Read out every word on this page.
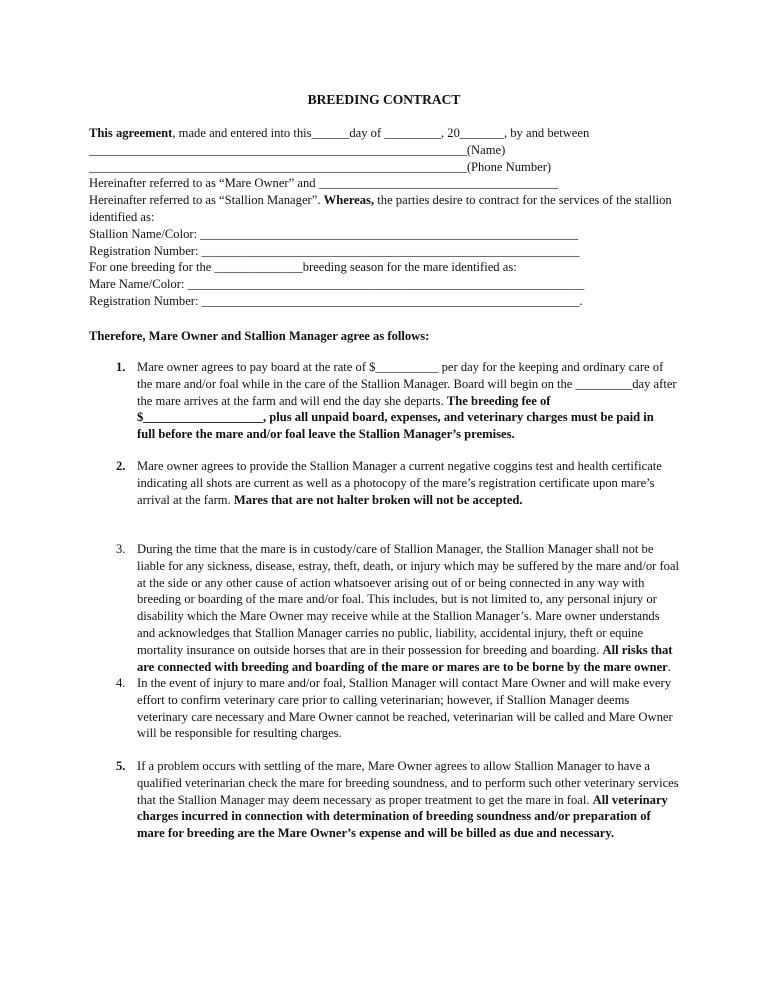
BREEDING CONTRACT
This agreement, made and entered into this______day of _________, 20_______, by and between
____________________________________________________________(Name)
____________________________________________________________(Phone Number)
Hereinafter referred to as “Mare Owner” and ______________________________________
Hereinafter referred to as “Stallion Manager”. Whereas, the parties desire to contract for the services of the stallion
identified as:
Stallion Name/Color: ____________________________________________________________
Registration Number: ____________________________________________________________
For one breeding for the ______________breeding season for the mare identified as:
Mare Name/Color: _______________________________________________________________
Registration Number: ____________________________________________________________.
Therefore, Mare Owner and Stallion Manager agree as follows:
1. Mare owner agrees to pay board at the rate of $__________ per day for the keeping and ordinary care of
the mare and/or foal while in the care of the Stallion Manager. Board will begin on the _________day after
the mare arrives at the farm and will end the day she departs. The breeding fee of
$___________________, plus all unpaid board, expenses, and veterinary charges must be paid in
full before the mare and/or foal leave the Stallion Manager’s premises.
2. Mare owner agrees to provide the Stallion Manager a current negative coggins test and health certificate
indicating all shots are current as well as a photocopy of the mare’s registration certificate upon mare’s
arrival at the farm. Mares that are not halter broken will not be accepted.
3. During the time that the mare is in custody/care of Stallion Manager, the Stallion Manager shall not be
liable for any sickness, disease, estray, theft, death, or injury which may be suffered by the mare and/or foal
at the side or any other cause of action whatsoever arising out of or being connected in any way with
breeding or boarding of the mare and/or foal. This includes, but is not limited to, any personal injury or
disability which the Mare Owner may receive while at the Stallion Manager’s. Mare owner understands
and acknowledges that Stallion Manager carries no public, liability, accidental injury, theft or equine
mortality insurance on outside horses that are in their possession for breeding and boarding. All risks that
are connected with breeding and boarding of the mare or mares are to be borne by the mare owner.
4. In the event of injury to mare and/or foal, Stallion Manager will contact Mare Owner and will make every
effort to confirm veterinary care prior to calling veterinarian; however, if Stallion Manager deems
veterinary care necessary and Mare Owner cannot be reached, veterinarian will be called and Mare Owner
will be responsible for resulting charges.
5. If a problem occurs with settling of the mare, Mare Owner agrees to allow Stallion Manager to have a
qualified veterinarian check the mare for breeding soundness, and to perform such other veterinary services
that the Stallion Manager may deem necessary as proper treatment to get the mare in foal. All veterinary
charges incurred in connection with determination of breeding soundness and/or preparation of
mare for breeding are the Mare Owner’s expense and will be billed as due and necessary.
